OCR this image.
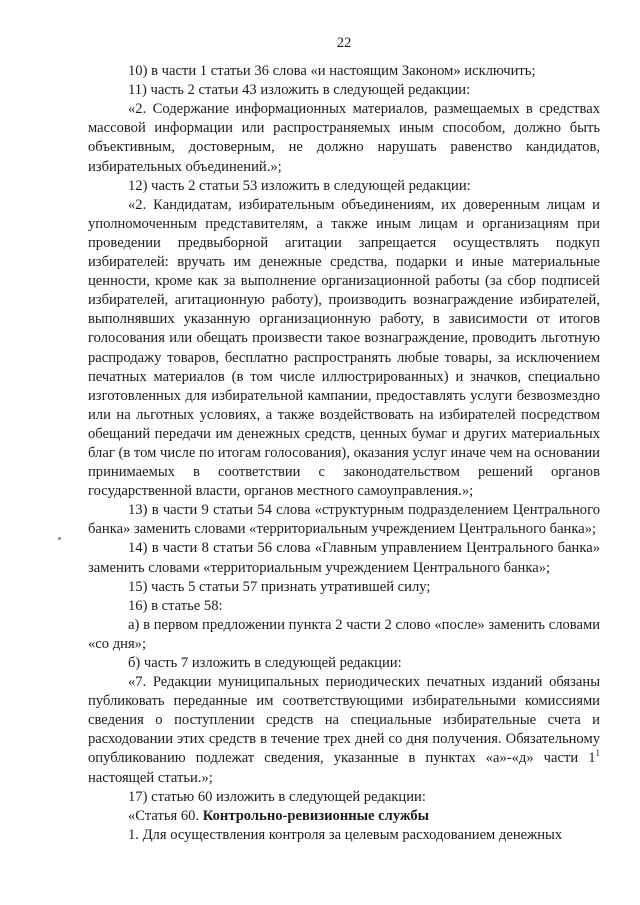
22

10) в части 1 статьи 36 слова «и настоящим Законом» исключить;

11) часть 2 статьи 43 изложить в следующей редакции:

«2. Содержание информационных материалов, размещаемых в средствах массовой информации или распространяемых иным способом, должно быть объективным, достоверным, не должно нарушать равенство кандидатов, избирательных объединений.»;

12) часть 2 статьи 53 изложить в следующей редакции:

«2. Кандидатам, избирательным объединениям, их доверенным лицам и уполномоченным представителям, а также иным лицам и организациям при проведении предвыборной агитации запрещается осуществлять подкуп избирателей: вручать им денежные средства, подарки и иные материальные ценности, кроме как за выполнение организационной работы (за сбор подписей избирателей, агитационную работу), производить вознаграждение избирателей, выполнявших указанную организационную работу, в зависимости от итогов голосования или обещать произвести такое вознаграждение, проводить льготную распродажу товаров, бесплатно распространять любые товары, за исключением печатных материалов (в том числе иллюстрированных) и значков, специально изготовленных для избирательной кампании, предоставлять услуги безвозмездно или на льготных условиях, а также воздействовать на избирателей посредством обещаний передачи им денежных средств, ценных бумаг и других материальных благ (в том числе по итогам голосования), оказания услуг иначе чем на основании принимаемых в соответствии с законодательством решений органов государственной власти, органов местного самоуправления.»;

13) в части 9 статьи 54 слова «структурным подразделением Центрального банка» заменить словами «территориальным учреждением Центрального банка»;

14) в части 8 статьи 56 слова «Главным управлением Центрального банка» заменить словами «территориальным учреждением Центрального банка»;

15) часть 5 статьи 57 признать утратившей силу;

16) в статье 58:

а) в первом предложении пункта 2 части 2 слово «после» заменить словами «со дня»;

б) часть 7 изложить в следующей редакции:

«7. Редакции муниципальных периодических печатных изданий обязаны публиковать переданные им соответствующими избирательными комиссиями сведения о поступлении средств на специальные избирательные счета и расходовании этих средств в течение трех дней со дня получения. Обязательному опубликованию подлежат сведения, указанные в пунктах «а»-«д» части $1^1$ настоящей статьи.»;

17) статью 60 изложить в следующей редакции:

«Статья 60. Контрольно-ревизионные службы

1. Для осуществления контроля за целевым расходованием денежных
